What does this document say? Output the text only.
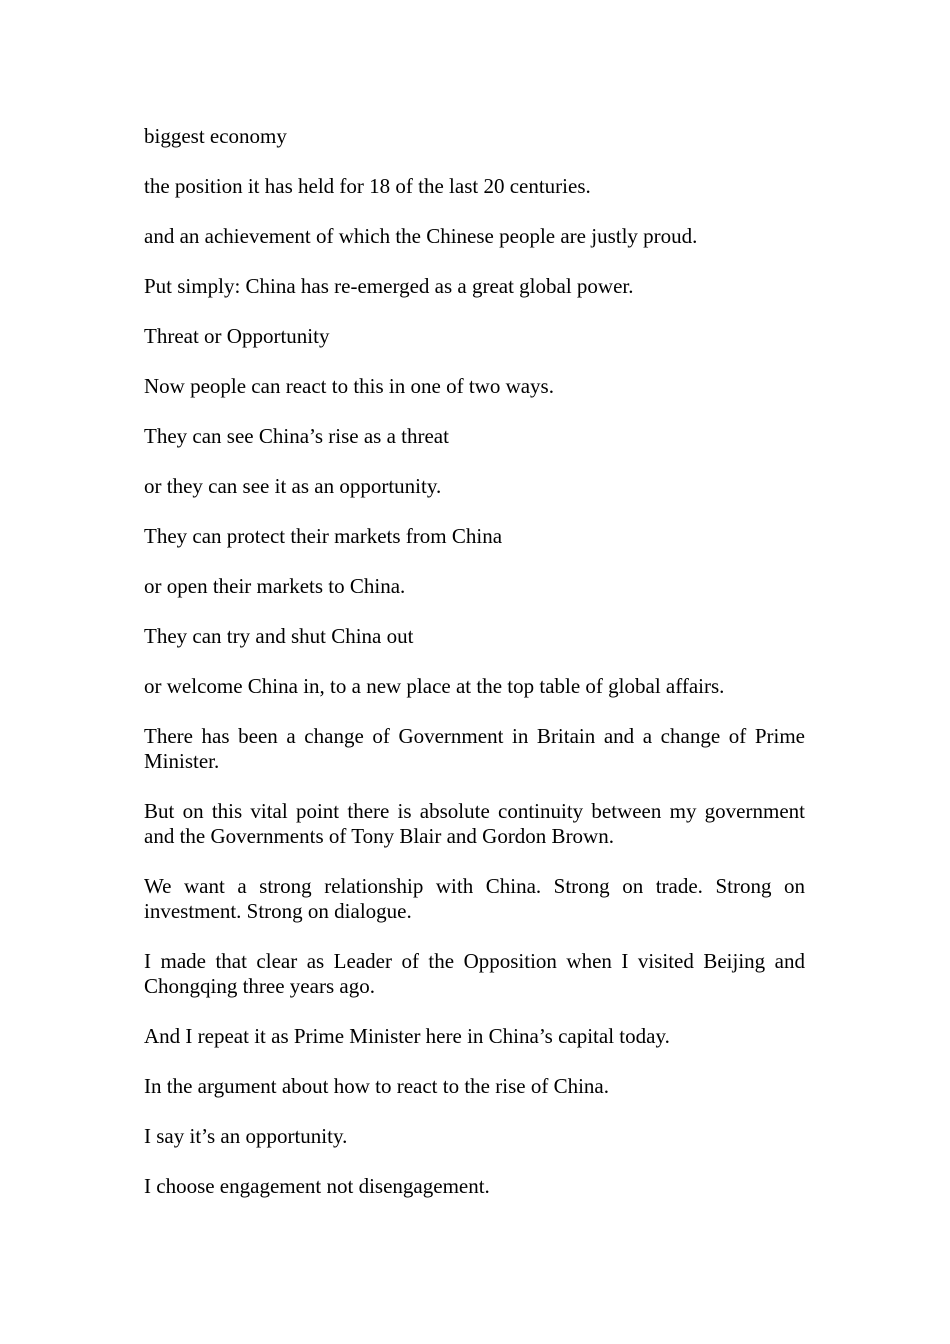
biggest economy

the position it has held for 18 of the last 20 centuries.

and an achievement of which the Chinese people are justly proud.

Put simply: China has re-emerged as a great global power.

Threat or Opportunity

Now people can react to this in one of two ways.

They can see China’s rise as a threat

or they can see it as an opportunity.

They can protect their markets from China

or open their markets to China.

They can try and shut China out

or welcome China in, to a new place at the top table of global affairs.

There has been a change of Government in Britain and a change of Prime Minister.

But on this vital point there is absolute continuity between my government and the Governments of Tony Blair and Gordon Brown.

We want a strong relationship with China. Strong on trade. Strong on investment. Strong on dialogue.

I made that clear as Leader of the Opposition when I visited Beijing and Chongqing three years ago.

And I repeat it as Prime Minister here in China’s capital today.

In the argument about how to react to the rise of China.

I say it’s an opportunity.

I choose engagement not disengagement.
